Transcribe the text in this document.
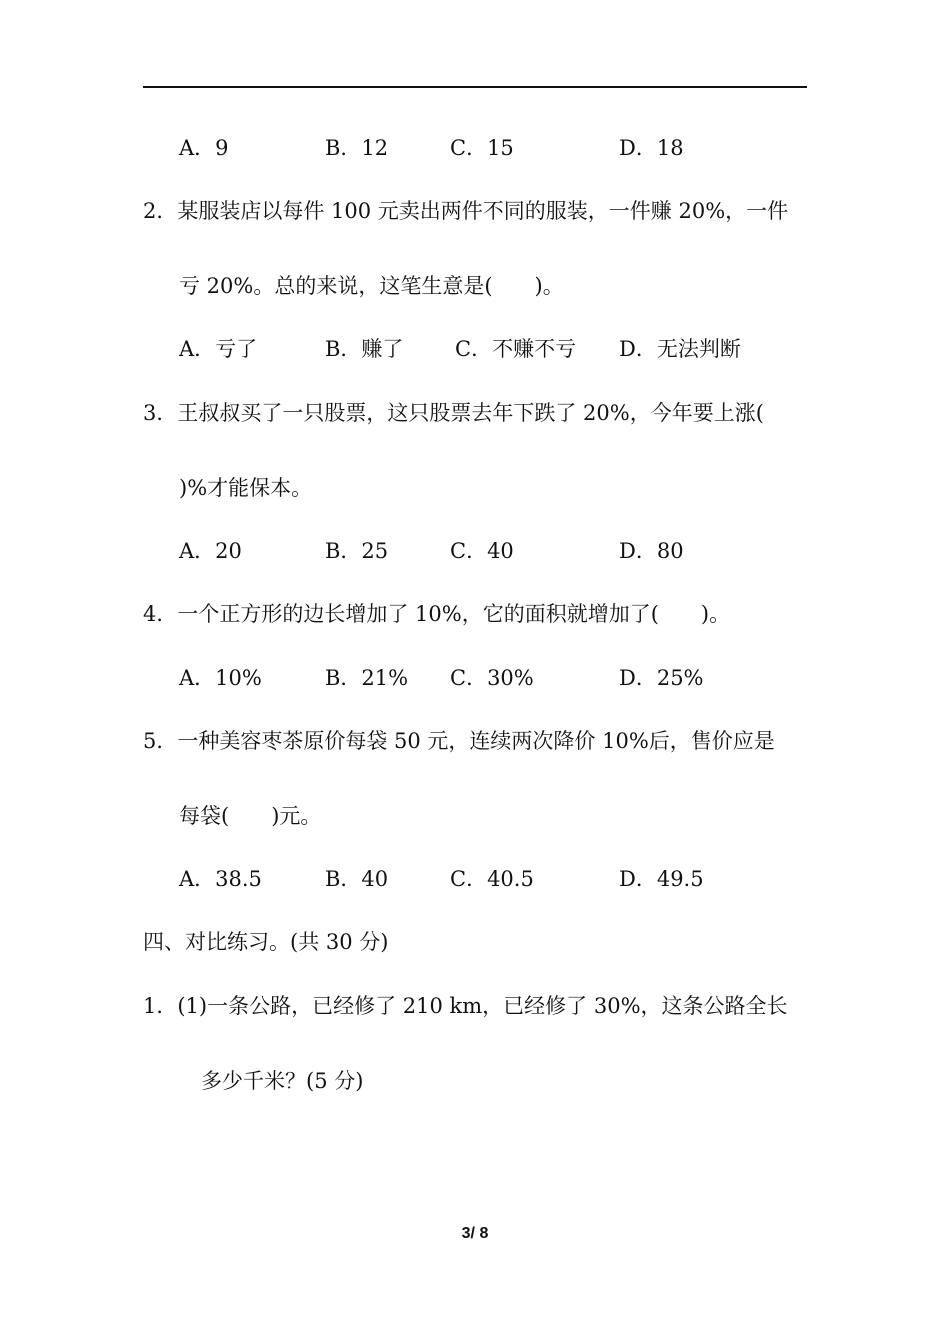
A．9	B．12	C．15	D．18
2．某服装店以每件 100 元卖出两件不同的服装，一件赚 20%，一件
亏 20%。总的来说，这笔生意是(　　)。
A．亏了	B．赚了 C．不赚不亏 D．无法判断
3．王叔叔买了一只股票，这只股票去年下跌了 20%，今年要上涨(
)%才能保本。
A．20	B．25	C．40	D．80
4．一个正方形的边长增加了 10%，它的面积就增加了(　　)。
A．10%	B．21% C．30%	D．25%
5．一种美容枣茶原价每袋 50 元，连续两次降价 10%后，售价应是
每袋(　　)元。
A．38.5	B．40	C．40.5	D．49.5
四、对比练习。(共 30 分)
1．(1)一条公路，已经修了 210 km，已经修了 30%，这条公路全长
多少千米？(5 分)
3/ 8
